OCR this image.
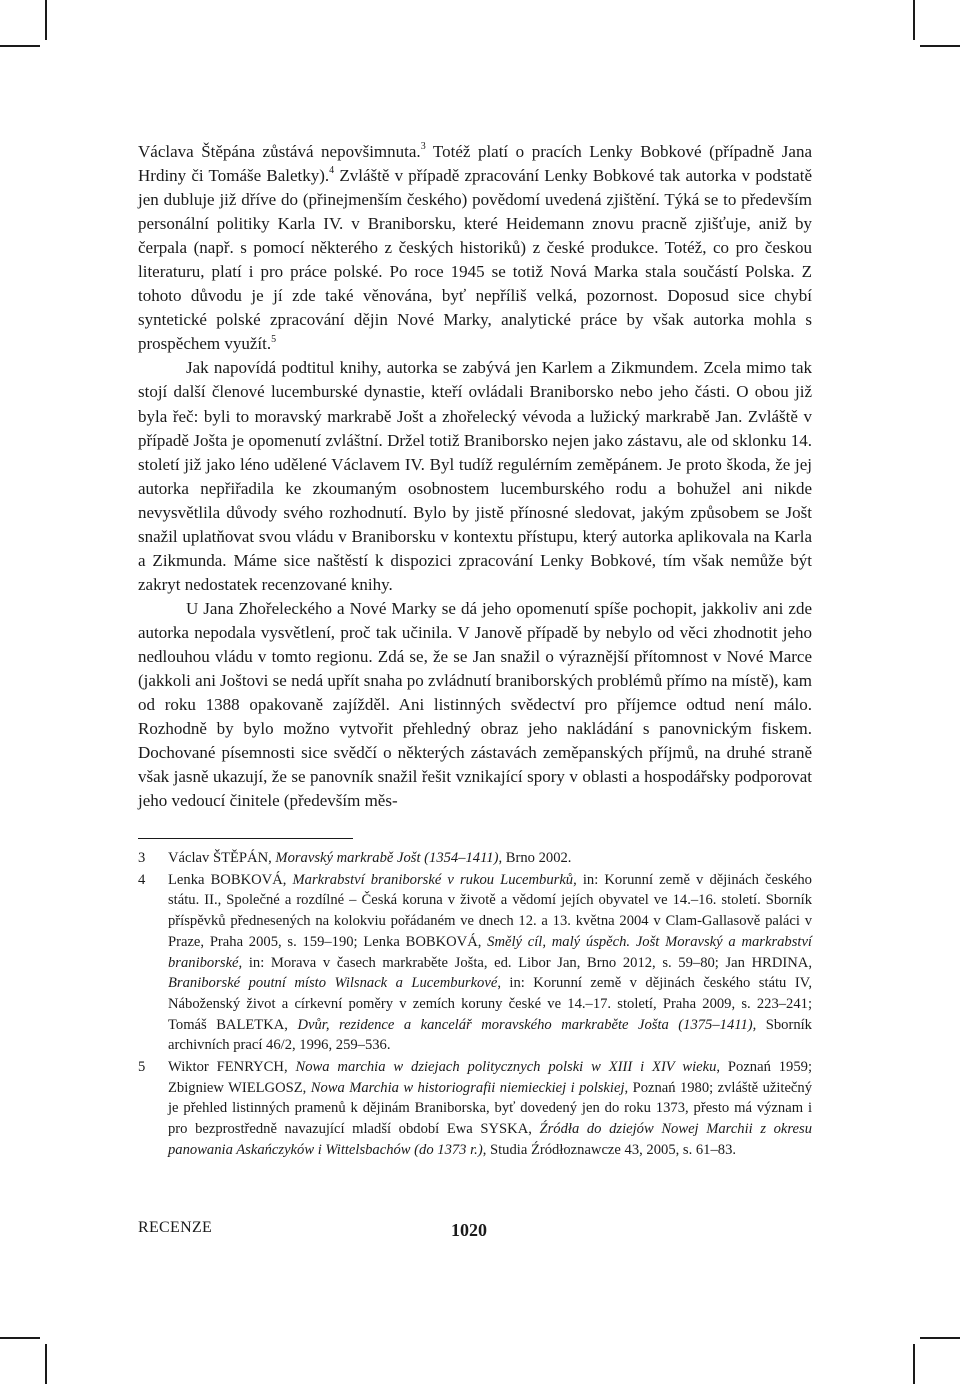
Václava Štěpána zůstává nepovšimnuta.$^3$ Totéž platí o pracích Lenky Bobkové (případně Jana Hrdiny či Tomáše Baletky).$^4$ Zvláště v případě zpracování Lenky Bobkové tak autorka v podstatě jen dubluje již dříve do (přinejmenším českého) povědomí uvedená zjištění. Týká se to především personální politiky Karla IV. v Braniborsku, které Heidemann znovu pracně zjišťuje, aniž by čerpala (např. s pomocí některého z českých historiků) z české produkce. Totéž, co pro českou literaturu, platí i pro práce polské. Po roce 1945 se totiž Nová Marka stala součástí Polska. Z tohoto důvodu je jí zde také věnována, byť nepříliš velká, pozornost. Doposud sice chybí syntetické polské zpracování dějin Nové Marky, analytické práce by však autorka mohla s prospěchem využít.$^5$

Jak napovídá podtitul knihy, autorka se zabývá jen Karlem a Zikmundem. Zcela mimo tak stojí další členové lucemburské dynastie, kteří ovládali Braniborsko nebo jeho části. O obou již byla řeč: byli to moravský markrabě Jošt a zhořelecký vévoda a lužický markrabě Jan. Zvláště v případě Jošta je opomenutí zvláštní. Držel totiž Braniborsko nejen jako zástavu, ale od sklonku 14. století již jako léno udělené Václavem IV. Byl tudíž regulérním zeměpánem. Je proto škoda, že jej autorka nepřiřadila ke zkoumaným osobnostem lucemburského rodu a bohužel ani nikde nevysvětlila důvody svého rozhodnutí. Bylo by jistě přínosné sledovat, jakým způsobem se Jošt snažil uplatňovat svou vládu v Braniborsku v kontextu přístupu, který autorka aplikovala na Karla a Zikmunda. Máme sice naštěstí k dispozici zpracování Lenky Bobkové, tím však nemůže být zakryt nedostatek recenzované knihy.

U Jana Zhořeleckého a Nové Marky se dá jeho opomenutí spíše pochopit, jakkoliv ani zde autorka nepodala vysvětlení, proč tak učinila. V Janově případě by nebylo od věci zhodnotit jeho nedlouhou vládu v tomto regionu. Zdá se, že se Jan snažil o výraznější přítomnost v Nové Marce (jakkoli ani Joštovi se nedá upřít snaha po zvládnutí braniborských problémů přímo na místě), kam od roku 1388 opakovaně zajížděl. Ani listinných svědectví pro příjemce odtud není málo. Rozhodně by bylo možno vytvořit přehledný obraz jeho nakládání s panovnickým fiskem. Dochované písemnosti sice svědčí o některých zástavách zeměpanských příjmů, na druhé straně však jasně ukazují, že se panovník snažil řešit vznikající spory v oblasti a hospodářsky podporovat jeho vedoucí činitele (především měs-

3	Václav ŠTĚPÁN, Moravský markrabě Jošt (1354–1411), Brno 2002.
4	Lenka BOBKOVÁ, Markrabství braniborské v rukou Lucemburků, in: Korunní země v dějinách českého státu. II., Společné a rozdílné – Česká koruna v životě a vědomí jejích obyvatel ve 14.–16. století. Sborník příspěvků přednesených na kolokviu pořádaném ve dnech 12. a 13. května 2004 v Clam-Gallasově paláci v Praze, Praha 2005, s. 159–190; Lenka BOBKOVÁ, Smělý cíl, malý úspěch. Jošt Moravský a markrabství braniborské, in: Morava v časech markraběte Jošta, ed. Libor Jan, Brno 2012, s. 59–80; Jan HRDINA, Braniborské poutní místo Wilsnack a Lucemburkové, in: Korunní země v dějinách českého státu IV, Náboženský život a církevní poměry v zemích koruny české ve 14.–17. století, Praha 2009, s. 223–241; Tomáš BALETKA, Dvůr, rezidence a kancelář moravského markraběte Jošta (1375–1411), Sborník archivních prací 46/2, 1996, 259–536.
5	Wiktor FENRYCH, Nowa marchia w dziejach politycznych polski w XIII i XIV wieku, Poznań 1959; Zbigniew WIELGOSZ, Nowa Marchia w historiografii niemieckiej i polskiej, Poznań 1980; zvláště užitečný je přehled listinných pramenů k dějinám Braniborska, byť dovedený jen do roku 1373, přesto má význam i pro bezprostředně navazující mladší období Ewa SYSKA, Źródła do dziejów Nowej Marchii z okresu panowania Askańczyków i Wittelsbachów (do 1373 r.), Studia Źródłoznawcze 43, 2005, s. 61–83.
RECENZE	1020
